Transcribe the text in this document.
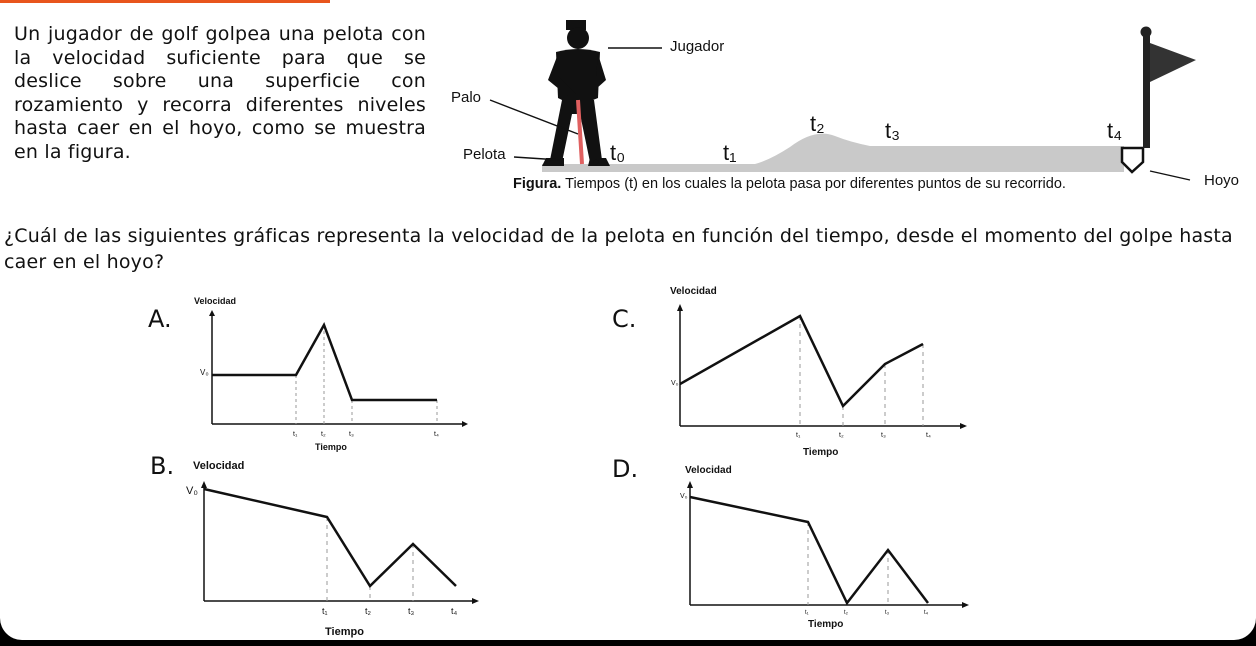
Un jugador de golf golpea una pelota con la velocidad suficiente para que se deslice sobre una superficie con rozamiento y recorra diferentes niveles hasta caer en el hoyo, como se muestra en la figura.
Jugador
Palo
Pelota
Hoyo
t₀	t₁
t₂	t₃	t₄
Figura. Tiempos (t) en los cuales la pelota pasa por diferentes puntos de su recorrido.
¿Cuál de las siguientes gráficas representa la velocidad de la pelota en función del tiempo, desde el momento del golpe hasta caer en el hoyo?
A.
B.
C.
D.
Velocidad
V₀
t₁	t₂	t₃	t₄
Tiempo
Velocidad
V₀
t₁	t₂	t₃	t₄
Tiempo
Velocidad
V₀
t₁	t₂	t₃	t₄
Tiempo
Velocidad
V₀
t₁	t₂	t₃	t₄
Tiempo
